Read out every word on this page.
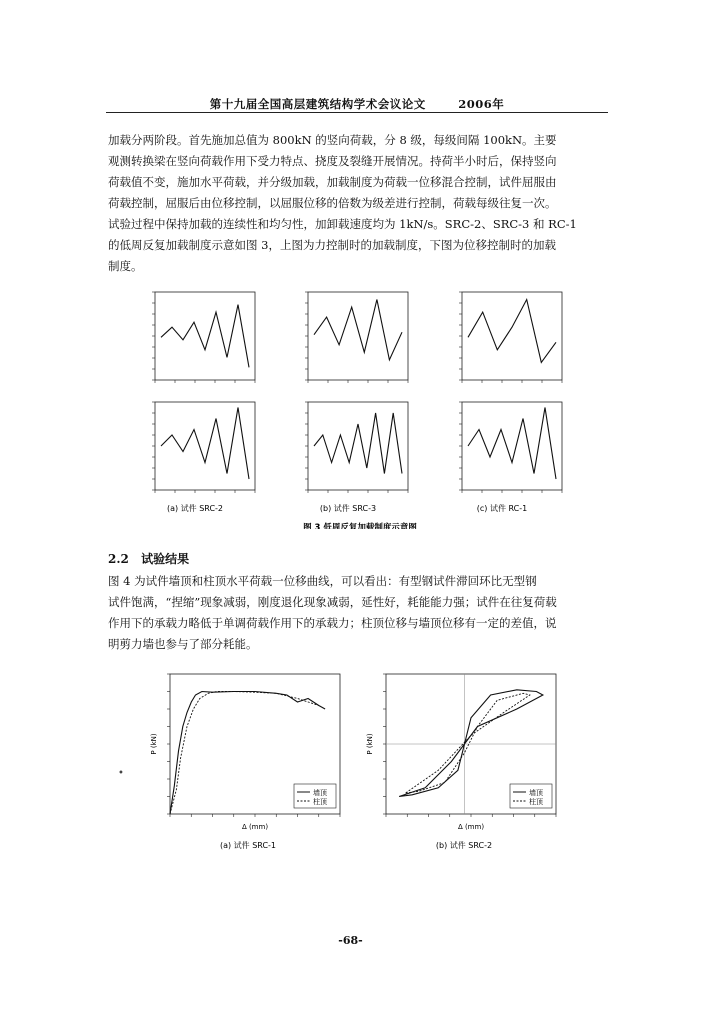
第十九届全国高层建筑结构学术会议论文	2006年
加载分两阶段。首先施加总值为 800kN 的竖向荷载，分 8 级，每级间隔 100kN。主要
观测转换梁在竖向荷载作用下受力特点、挠度及裂缝开展情况。持荷半小时后，保持竖向
荷载值不变，施加水平荷载，并分级加载，加载制度为荷载一位移混合控制，试件屈服由
荷载控制，屈服后由位移控制，以屈服位移的倍数为级差进行控制，荷载每级往复一次。
试验过程中保持加载的连续性和均匀性，加卸载速度均为 1kN/s。SRC-2、SRC-3 和 RC-1
的低周反复加载制度示意如图 3，上图为力控制时的加载制度，下图为位移控制时的加载
制度。
(a) 试件 SRC-2	(b) 试件 SRC-3	(c) 试件 RC-1
图 3 低周反复加载制度示意图
2.2 试验结果
图 4 为试件墙顶和柱顶水平荷载一位移曲线，可以看出：有型钢试件滞回环比无型钢
试件饱满，“捏缩”现象减弱，刚度退化现象减弱，延性好，耗能能力强；试件在往复荷载
作用下的承载力略低于单调荷载作用下的承载力；柱顶位移与墙顶位移有一定的差值，说
明剪力墙也参与了部分耗能。
•
(a) 试件 SRC-1	(b) 试件 SRC-2
墙顶
柱顶
Δ (mm)
P (kN)
墙顶
柱顶
Δ (mm)
P (kN)
-68-
